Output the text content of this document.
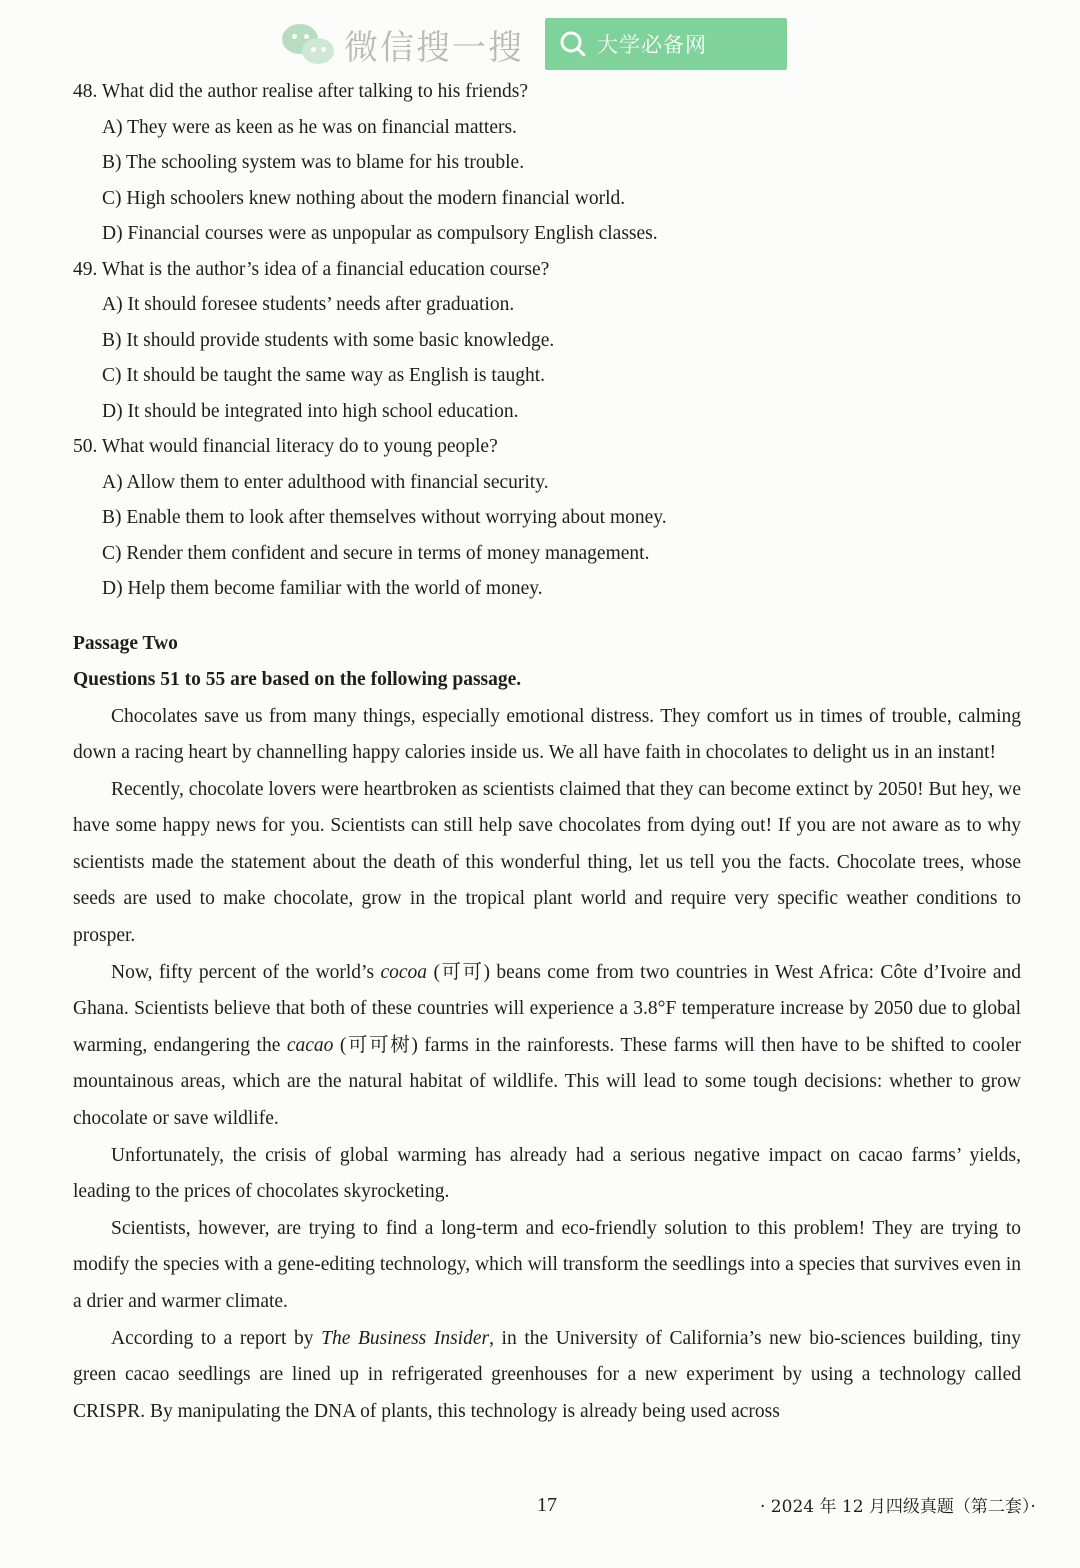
微信搜一搜	大学必备网

48. What did the author realise after talking to his friends?

A) They were as keen as he was on financial matters.

B) The schooling system was to blame for his trouble.

C) High schoolers knew nothing about the modern financial world.

D) Financial courses were as unpopular as compulsory English classes.

49. What is the author’s idea of a financial education course?

A) It should foresee students’ needs after graduation.

B) It should provide students with some basic knowledge.

C) It should be taught the same way as English is taught.

D) It should be integrated into high school education.

50. What would financial literacy do to young people?

A) Allow them to enter adulthood with financial security.

B) Enable them to look after themselves without worrying about money.

C) Render them confident and secure in terms of money management.

D) Help them become familiar with the world of money.

Passage Two

Questions 51 to 55 are based on the following passage.

Chocolates save us from many things, especially emotional distress. They comfort us in times of trouble, calming down a racing heart by channelling happy calories inside us. We all have faith in chocolates to delight us in an instant!

Recently, chocolate lovers were heartbroken as scientists claimed that they can become extinct by 2050! But hey, we have some happy news for you. Scientists can still help save chocolates from dying out! If you are not aware as to why scientists made the statement about the death of this wonderful thing, let us tell you the facts. Chocolate trees, whose seeds are used to make chocolate, grow in the tropical plant world and require very specific weather conditions to prosper.

Now, fifty percent of the world’s cocoa (可可) beans come from two countries in West Africa: Côte d’Ivoire and Ghana. Scientists believe that both of these countries will experience a 3.8°F temperature increase by 2050 due to global warming, endangering the cacao (可可树) farms in the rainforests. These farms will then have to be shifted to cooler mountainous areas, which are the natural habitat of wildlife. This will lead to some tough decisions: whether to grow chocolate or save wildlife.

Unfortunately, the crisis of global warming has already had a serious negative impact on cacao farms’ yields, leading to the prices of chocolates skyrocketing.

Scientists, however, are trying to find a long-term and eco-friendly solution to this problem! They are trying to modify the species with a gene-editing technology, which will transform the seedlings into a species that survives even in a drier and warmer climate.

According to a report by The Business Insider, in the University of California’s new bio-sciences building, tiny green cacao seedlings are lined up in refrigerated greenhouses for a new experiment by using a technology called CRISPR. By manipulating the DNA of plants, this technology is already being used across

17	· 2024 年 12 月四级真题（第二套）·
